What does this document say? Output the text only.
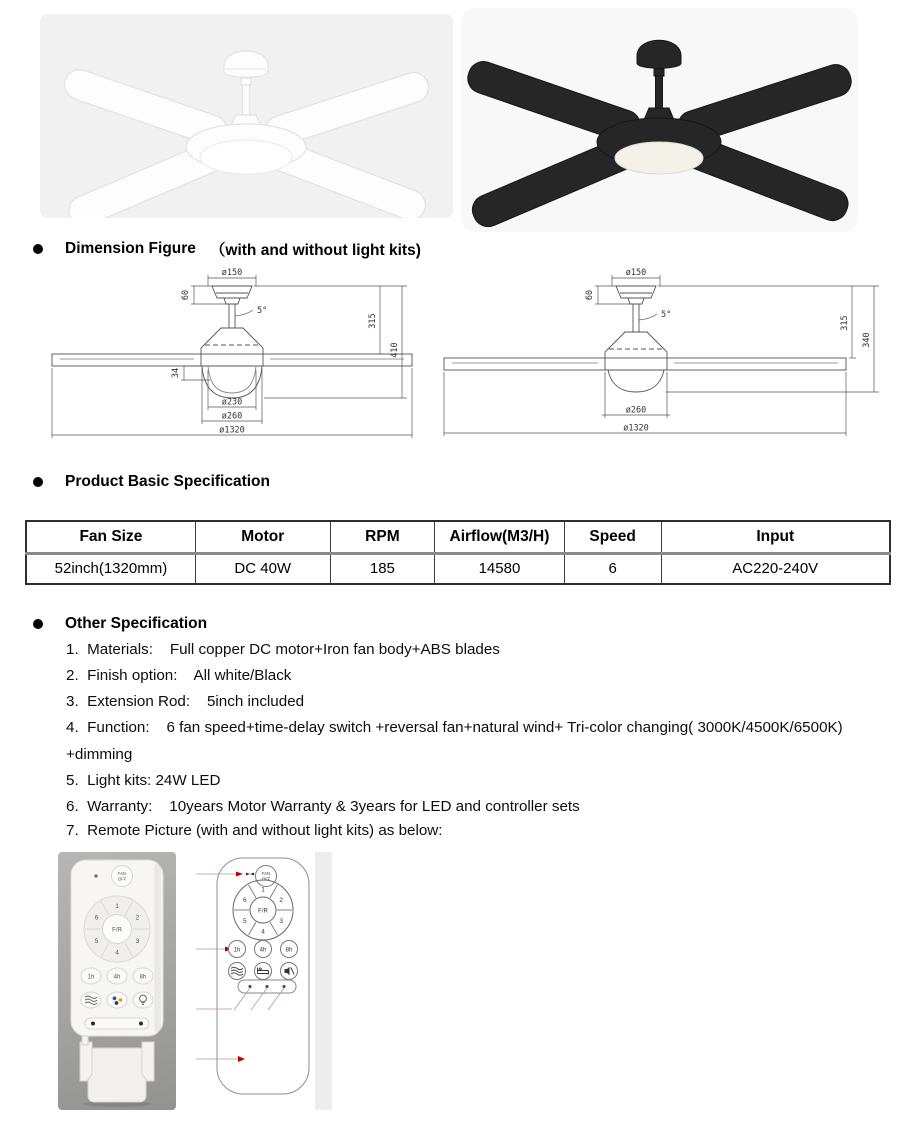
Dimension Figure （with and without light kits)
ø150
60
5°
315
410
34
ø230
ø260
ø1320
ø150
60
5°
315
340
ø260
ø1320
Product Basic Specification
Fan Size	Motor	RPM	Airflow(M3/H)	Speed	Input
52inch(1320mm)	DC 40W	185	14580	6	AC220-240V
Other Specification
1.  Materials:    Full copper DC motor+Iron fan body+ABS blades
2.  Finish option:    All white/Black
3.  Extension Rod:    5inch included
4.  Function:    6 fan speed+time-delay switch +reversal fan+natural wind+ Tri-color changing( 3000K/4500K/6500K)
+dimming
5.  Light kits: 24W LED
6.  Warranty:    10years Motor Warranty & 3years for LED and controller sets
7.  Remote Picture (with and without light kits) as below:
FAN
OFF
1
2
3
4
5
6
F/R
1h	4h	8h
FAN
OFF
1
2
3
4
5
6
F/R
1h	4h	8h
